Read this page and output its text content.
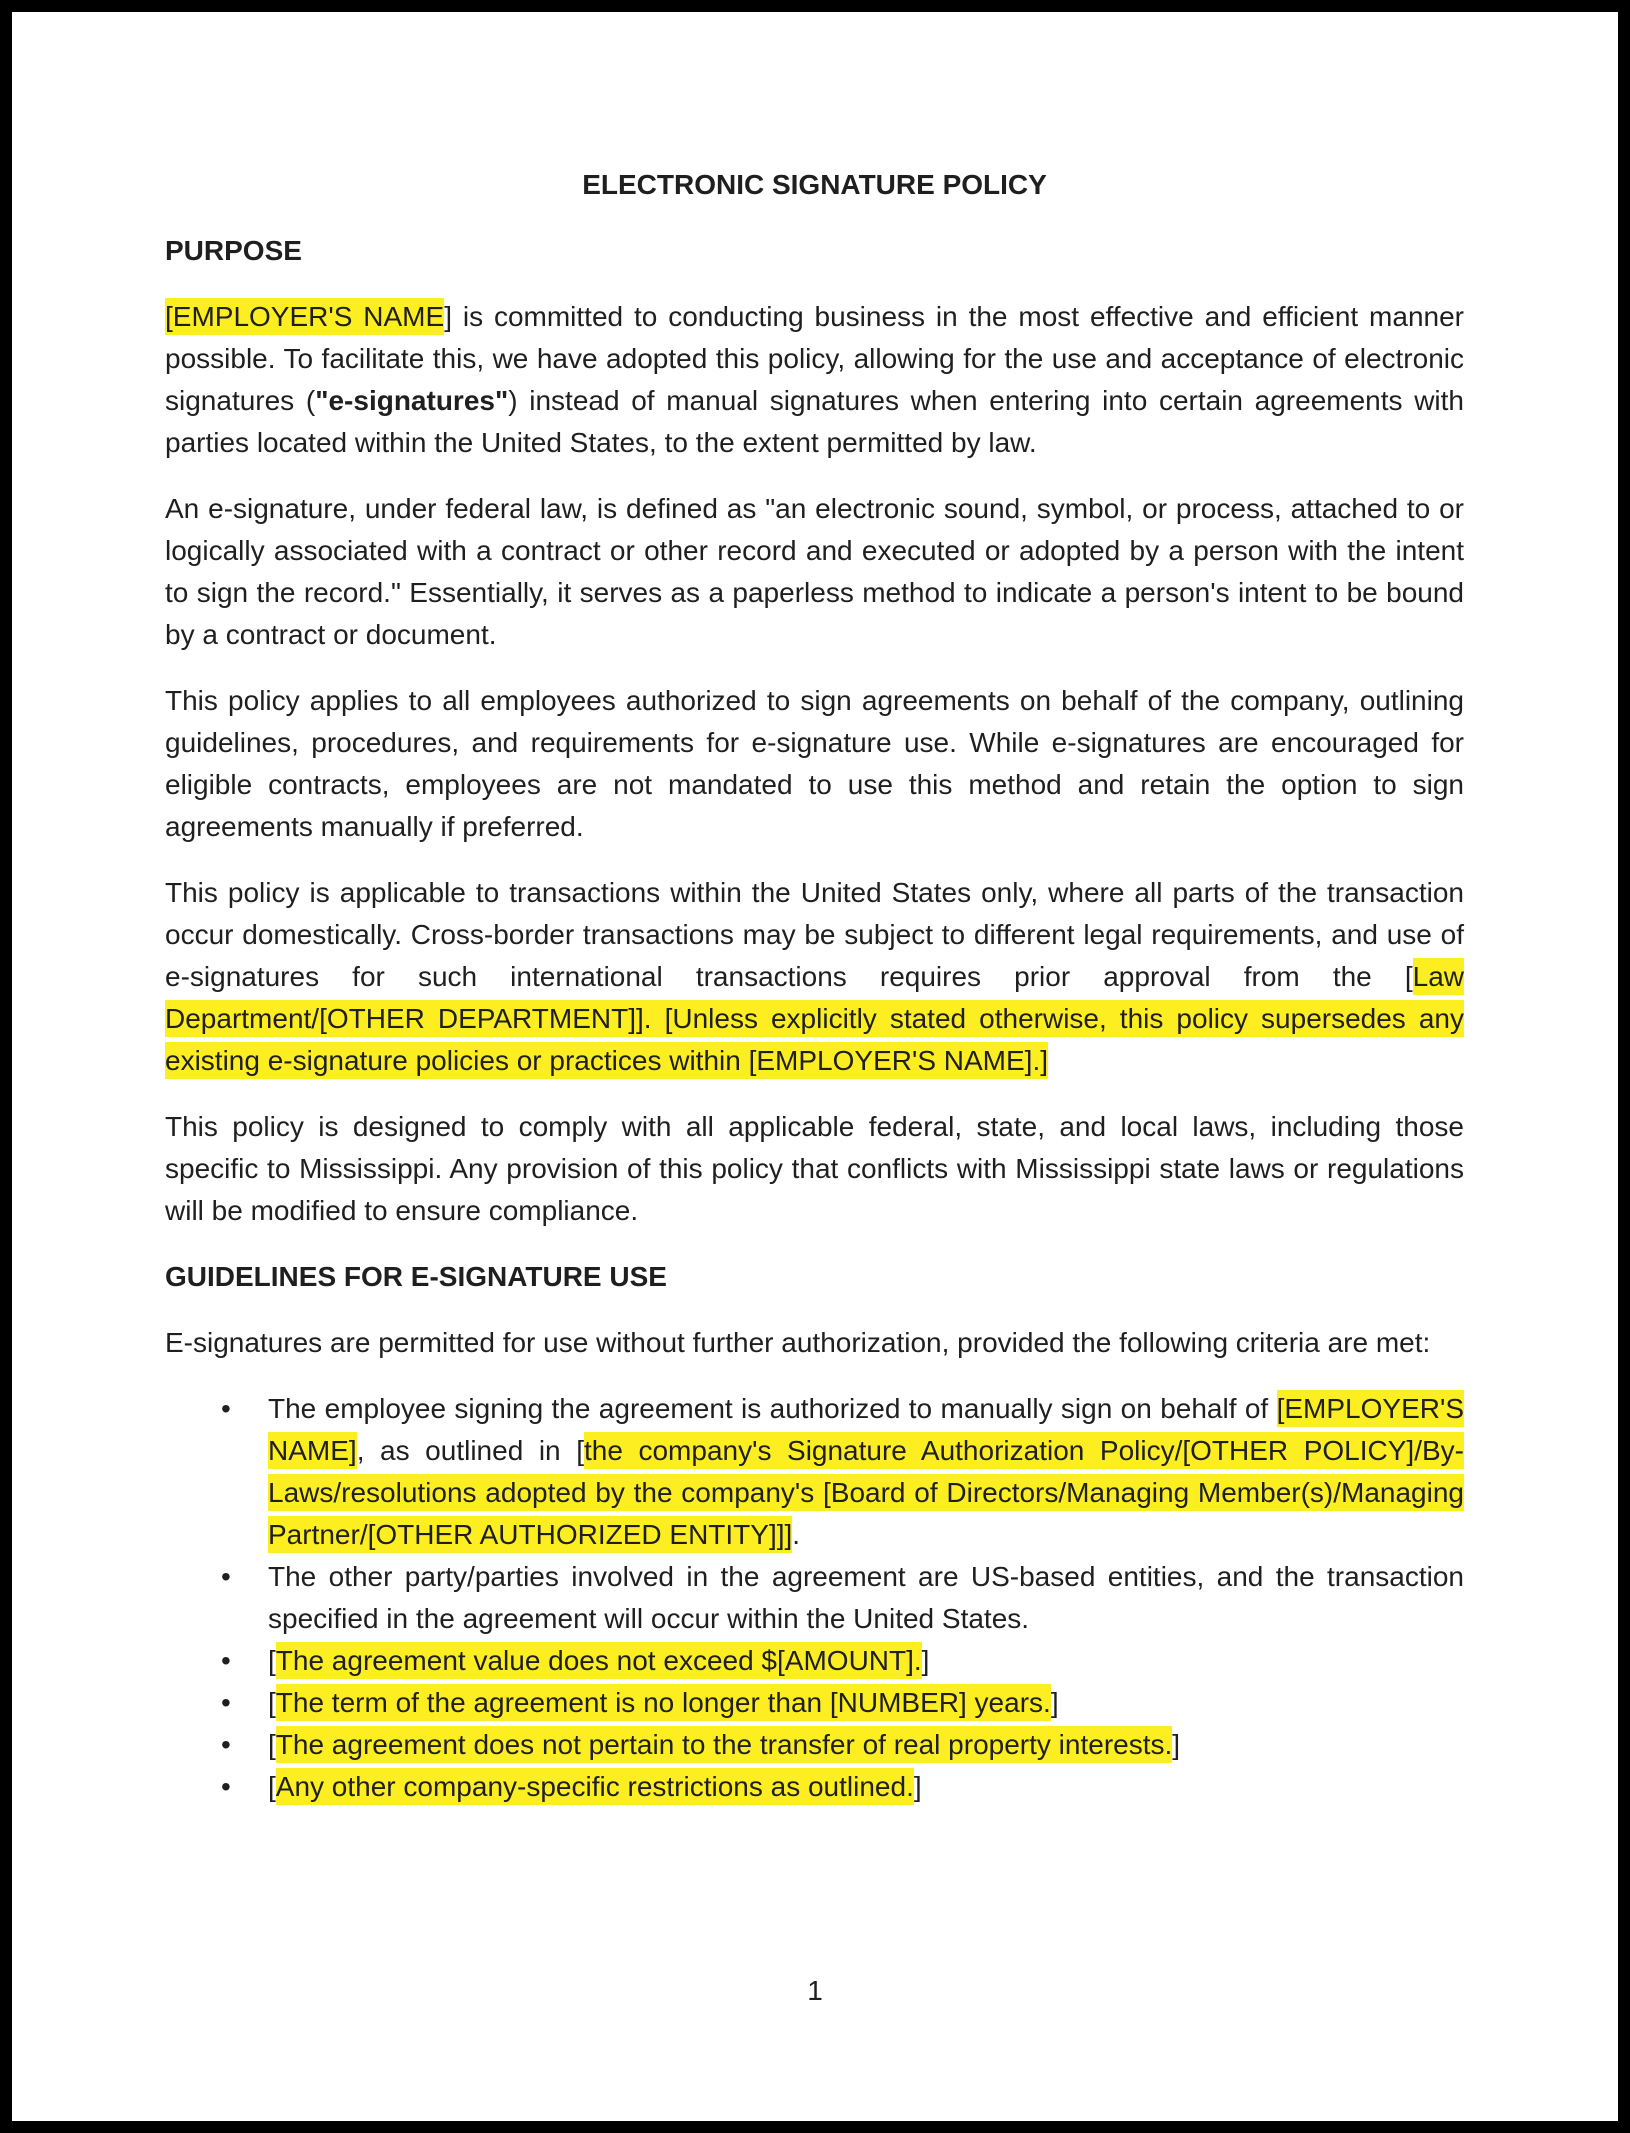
ELECTRONIC SIGNATURE POLICY
PURPOSE

[EMPLOYER'S NAME] is committed to conducting business in the most effective and efficient manner possible. To facilitate this, we have adopted this policy, allowing for the use and acceptance of electronic signatures ("e-signatures") instead of manual signatures when entering into certain agreements with parties located within the United States, to the extent permitted by law.

An e-signature, under federal law, is defined as "an electronic sound, symbol, or process, attached to or logically associated with a contract or other record and executed or adopted by a person with the intent to sign the record." Essentially, it serves as a paperless method to indicate a person's intent to be bound by a contract or document.

This policy applies to all employees authorized to sign agreements on behalf of the company, outlining guidelines, procedures, and requirements for e-signature use. While e-signatures are encouraged for eligible contracts, employees are not mandated to use this method and retain the option to sign agreements manually if preferred.

This policy is applicable to transactions within the United States only, where all parts of the transaction occur domestically. Cross-border transactions may be subject to different legal requirements, and use of e-signatures for such international transactions requires prior approval from the [Law Department/[OTHER DEPARTMENT]]. [Unless explicitly stated otherwise, this policy supersedes any existing e-signature policies or practices within [EMPLOYER'S NAME].]

This policy is designed to comply with all applicable federal, state, and local laws, including those specific to Mississippi. Any provision of this policy that conflicts with Mississippi state laws or regulations will be modified to ensure compliance.

GUIDELINES FOR E-SIGNATURE USE

E-signatures are permitted for use without further authorization, provided the following criteria are met:

• The employee signing the agreement is authorized to manually sign on behalf of [EMPLOYER'S NAME], as outlined in [the company's Signature Authorization Policy/[OTHER POLICY]/By-Laws/resolutions adopted by the company's [Board of Directors/Managing Member(s)/Managing Partner/[OTHER AUTHORIZED ENTITY]]].
• The other party/parties involved in the agreement are US-based entities, and the transaction specified in the agreement will occur within the United States.
• [The agreement value does not exceed $[AMOUNT].]
• [The term of the agreement is no longer than [NUMBER] years.]
• [The agreement does not pertain to the transfer of real property interests.]
• [Any other company-specific restrictions as outlined.]
1
